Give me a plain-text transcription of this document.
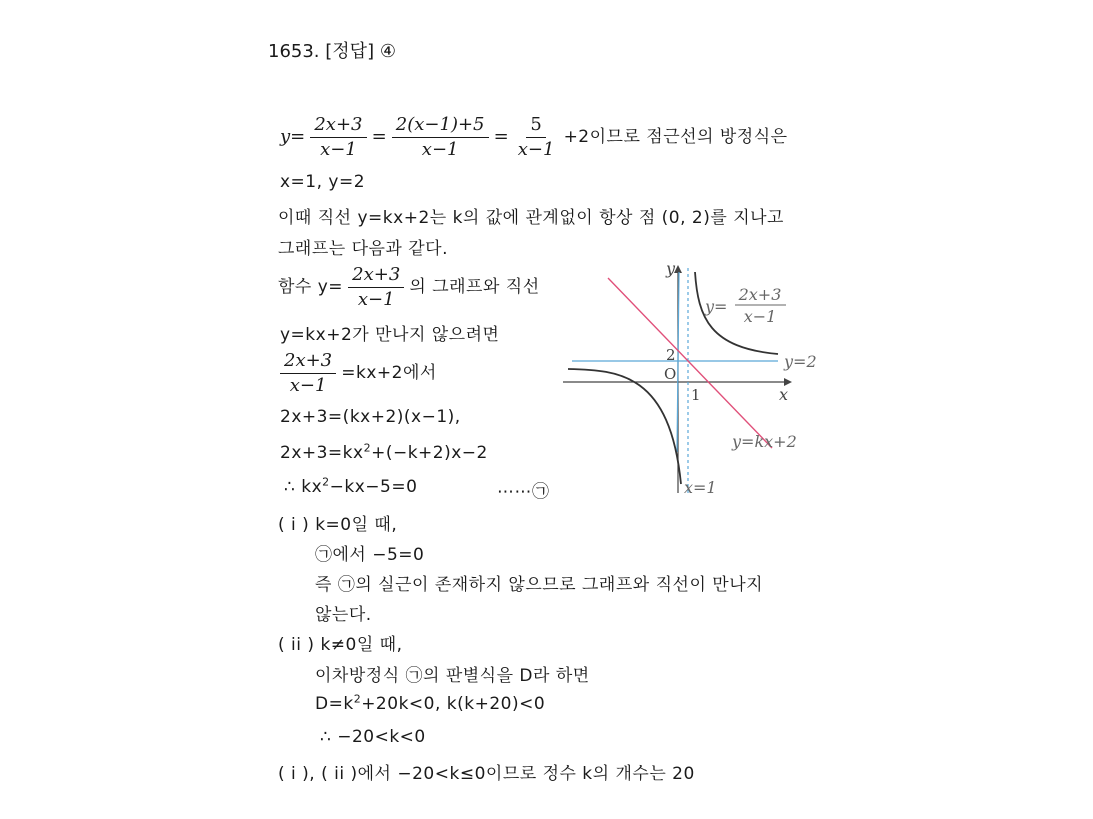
1653. [정답] ④
$y= \frac{2x+3}{x-1} = \frac{2(x-1)+5}{x-1} = \frac{5}{x-1} +2$이므로 점근선의 방정식은
x=1, y=2
이때 직선 y=kx+2는 k의 값에 관계없이 항상 점 (0, 2)를 지나고
그래프는 다음과 같다.
함수 $y= \frac{2x+3}{x-1}$ 의 그래프와 직선
y=kx+2가 만나지 않으려면
$\frac{2x+3}{x-1} =kx+2$에서
2x+3=(kx+2)(x−1),
$2x+3=kx^2+(-k+2)x-2$
∴ $kx^2-kx-5=0$	⋯⋯㉠
( i ) k=0일 때,
㉠에서 −5=0
즉 ㉠의 실근이 존재하지 않으므로 그래프와 직선이 만나지
않는다.
( ii ) k≠0일 때,
이차방정식 ㉠의 판별식을 D라 하면
$D=k^2+20k<0$, k(k+20)<0
∴ −20<k<0
( i ), ( ii )에서 −20<k≤0이므로 정수 k의 개수는 20
y
x
O
2
1
y=
2x+3
x−1
y=2
y=kx+2
x=1
